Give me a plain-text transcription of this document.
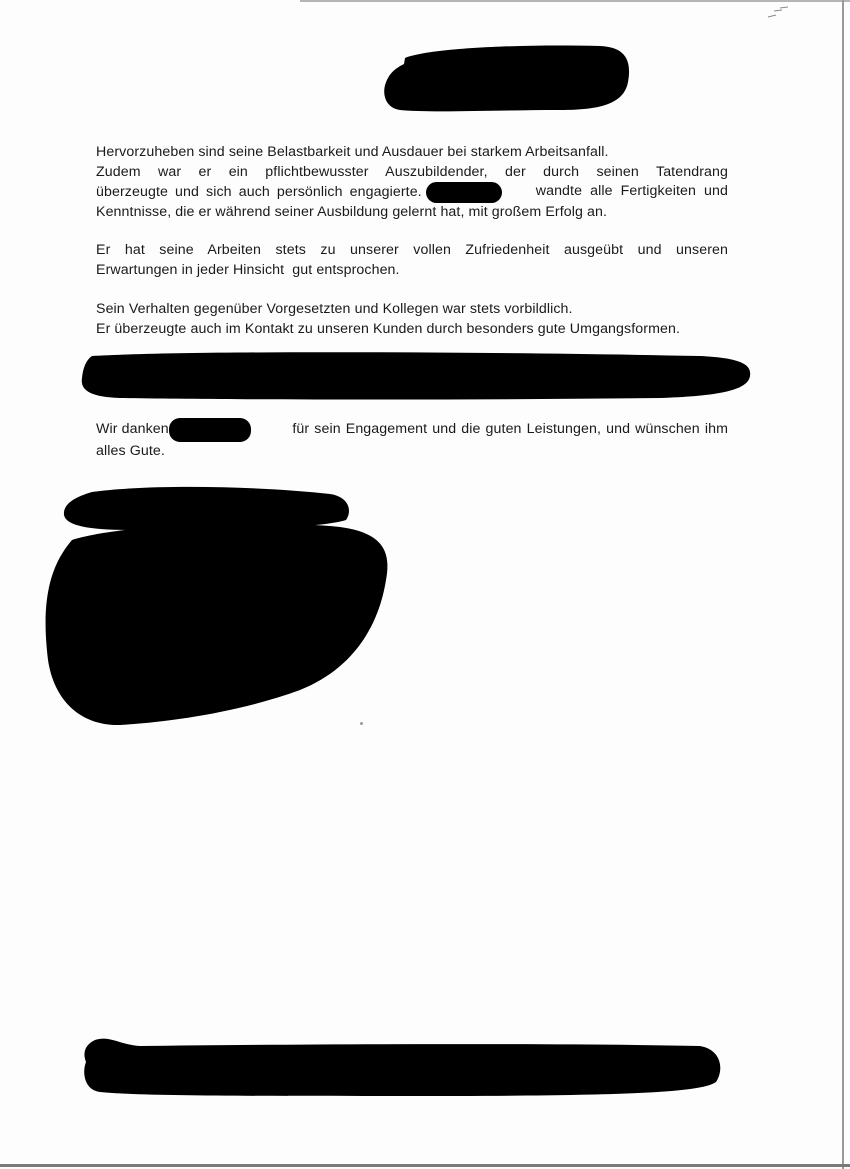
Hervorzuheben sind seine Belastbarkeit und Ausdauer bei starkem Arbeitsanfall.
Zudem war er ein pflichtbewusster Auszubildender, der durch seinen Tatendrang
überzeugte und sich auch persönlich engagierte.	wandte alle Fertigkeiten und
Kenntnisse, die er während seiner Ausbildung gelernt hat, mit großem Erfolg an.
Er hat seine Arbeiten stets zu unserer vollen Zufriedenheit ausgeübt und unseren
Erwartungen in jeder Hinsicht  gut entsprochen.
Sein Verhalten gegenüber Vorgesetzten und Kollegen war stets vorbildlich.
Er überzeugte auch im Kontakt zu unseren Kunden durch besonders gute Umgangsformen.
Wir danken	für sein Engagement und die guten Leistungen, und wünschen ihm
alles Gute.
